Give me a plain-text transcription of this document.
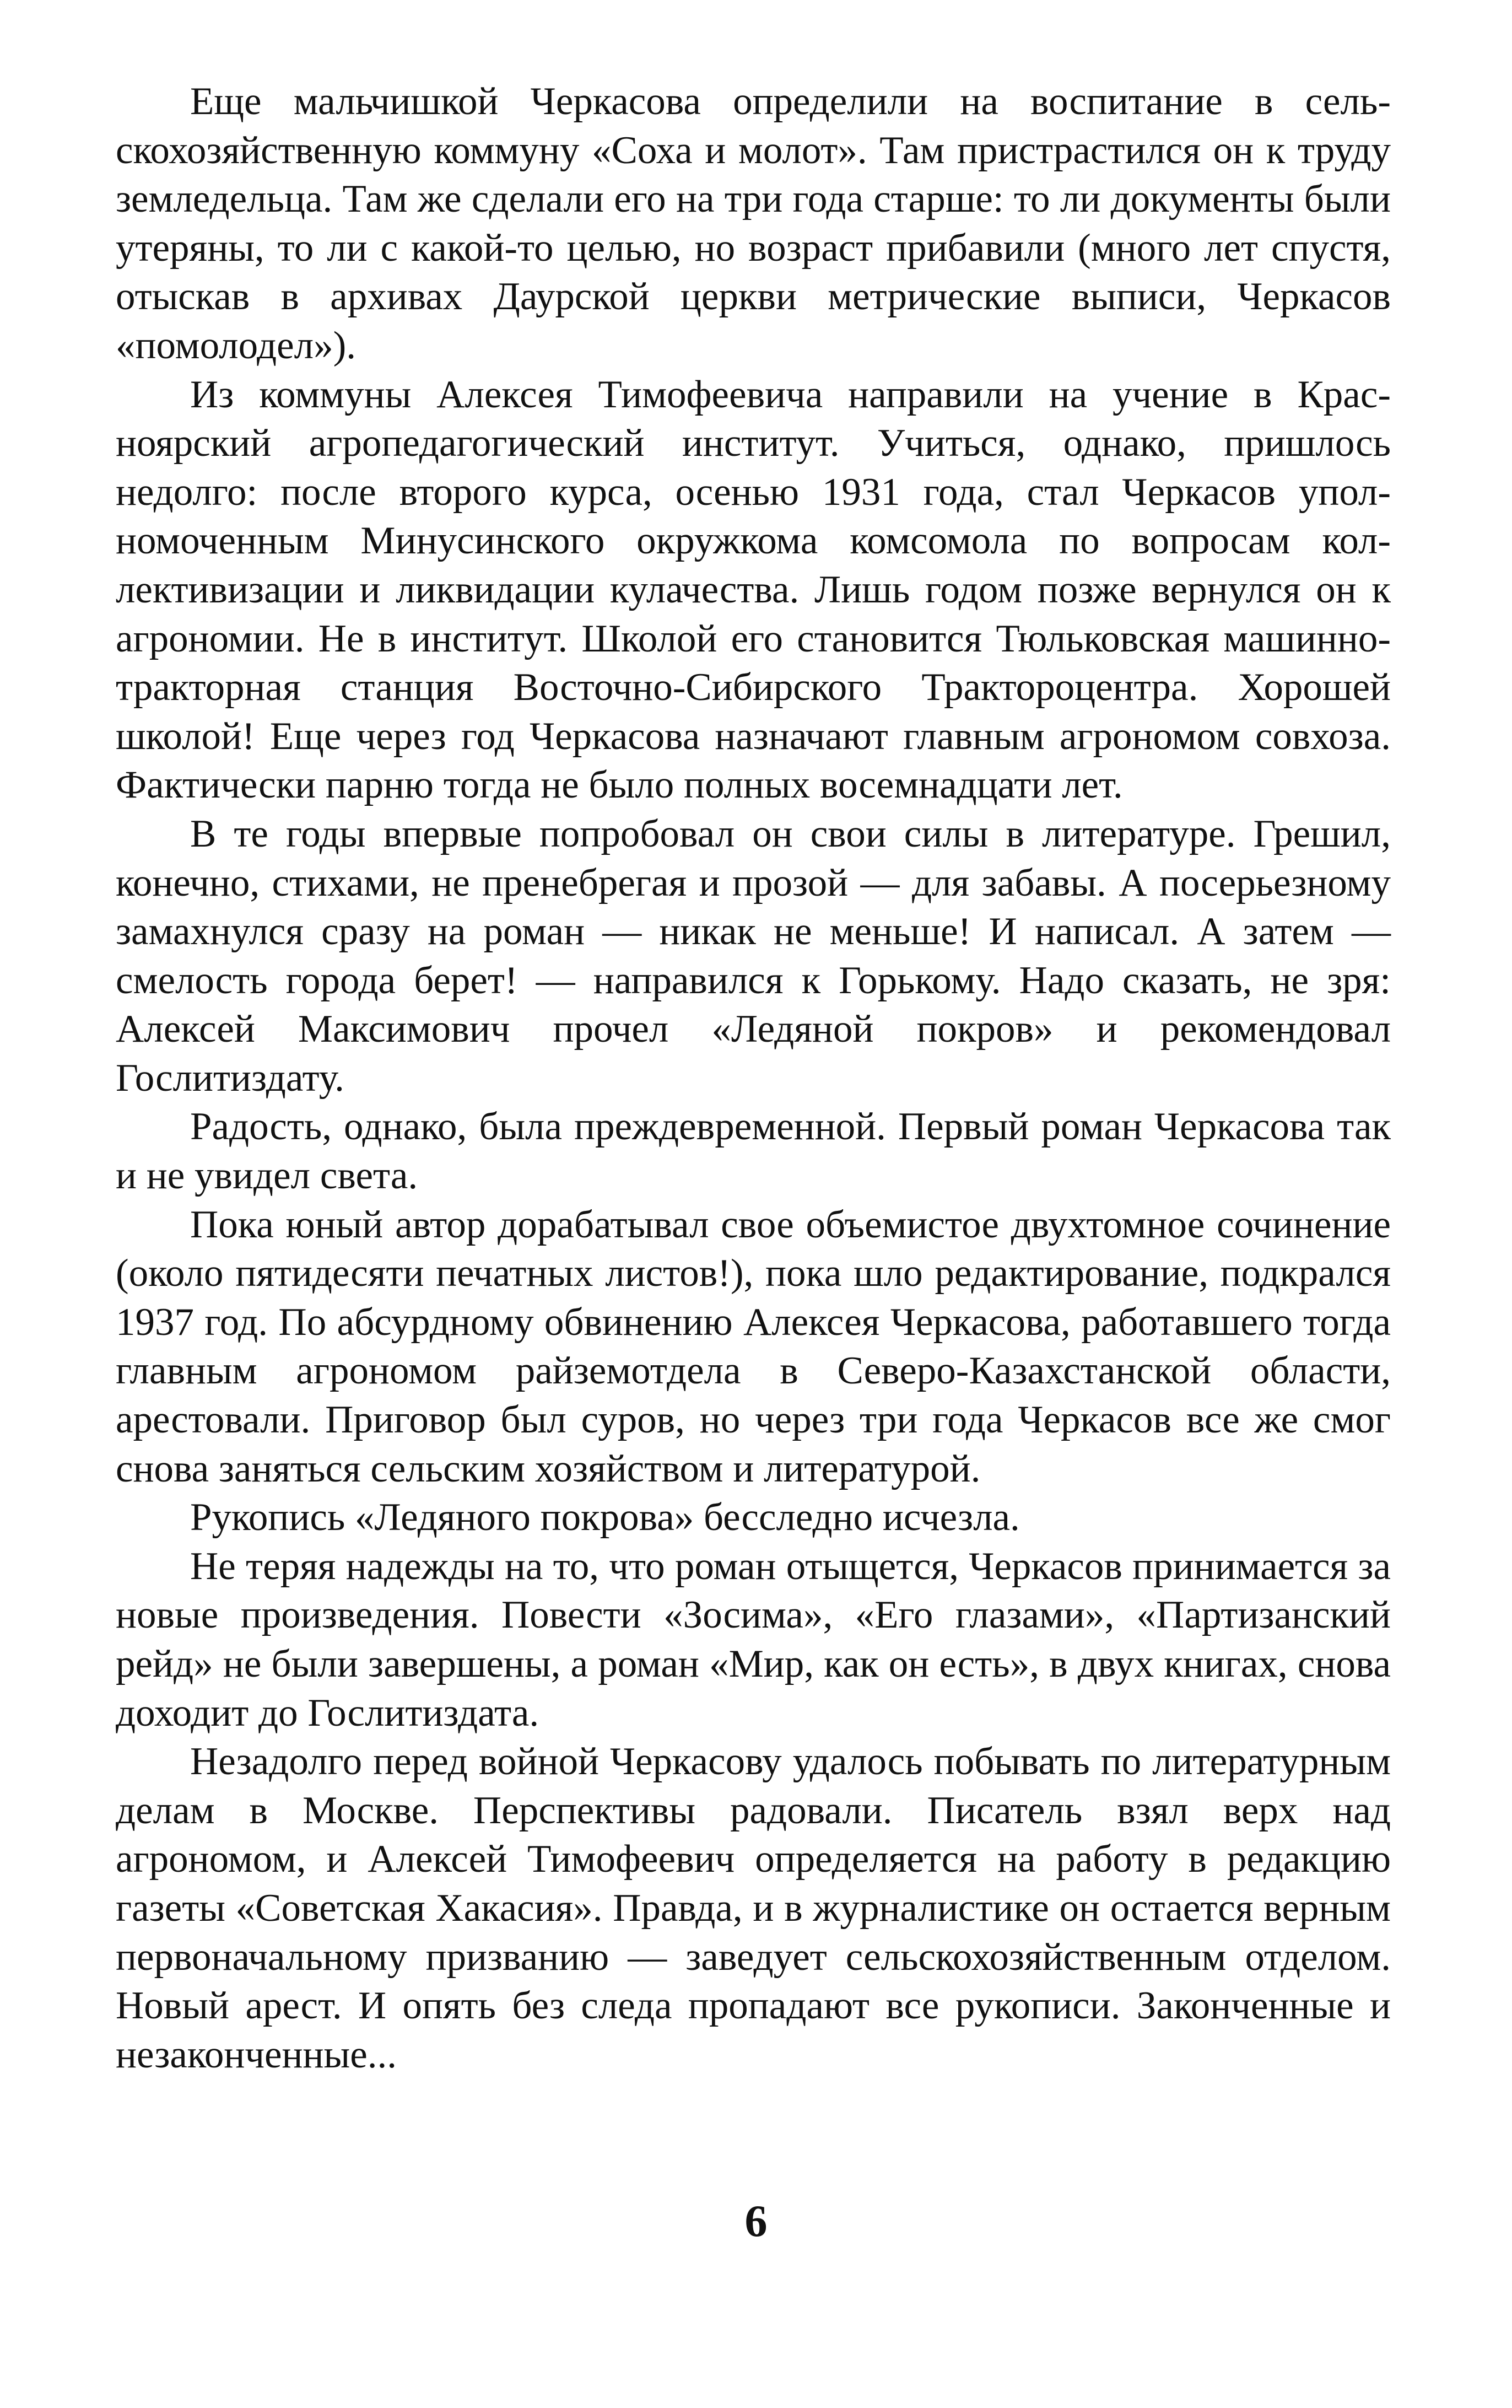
Еще мальчишкой Черкасова определили на воспитание в сельскохозяйственную коммуну «Соха и молот». Там пристрастился он к труду земледельца. Там же сделали его на три года старше: то ли документы были утеряны, то ли с какой-то целью, но возраст прибавили (много лет спустя, отыскав в архивах Даурской церкви метрические выписи, Черкасов «помолодел»).

Из коммуны Алексея Тимофеевича направили на учение в Красноярский агропедагогический институт. Учиться, однако, пришлось недолго: после второго курса, осенью 1931 года, стал Черкасов уполномоченным Минусинского окружкома комсомола по вопросам коллективизации и ликвидации кулачества. Лишь годом позже вернулся он к агрономии. Не в институт. Школой его становится Тюльковская машинно-тракторная станция Восточно-Сибирского Трактороцентра. Хорошей школой! Еще через год Черкасова назначают главным агрономом совхоза. Фактически парню тогда не было полных восемнадцати лет.

В те годы впервые попробовал он свои силы в литературе. Грешил, конечно, стихами, не пренебрегая и прозой — для забавы. А посерьезному замахнулся сразу на роман — никак не меньше! И написал. А затем — смелость города берет! — направился к Горькому. Надо сказать, не зря: Алексей Максимович прочел «Ледяной покров» и рекомендовал Гослитиздату.

Радость, однако, была преждевременной. Первый роман Черкасова так и не увидел света.

Пока юный автор дорабатывал свое объемистое двухтомное сочинение (около пятидесяти печатных листов!), пока шло редактирование, подкрался 1937 год. По абсурдному обвинению Алексея Черкасова, работавшего тогда главным агрономом райземотдела в Северо-Казахстанской области, арестовали. Приговор был суров, но через три года Черкасов все же смог снова заняться сельским хозяйством и литературой.

Рукопись «Ледяного покрова» бесследно исчезла.

Не теряя надежды на то, что роман отыщется, Черкасов принимается за новые произведения. Повести «Зосима», «Его глазами», «Партизанский рейд» не были завершены, а роман «Мир, как он есть», в двух книгах, снова доходит до Гослитиздата.

Незадолго перед войной Черкасову удалось побывать по литературным делам в Москве. Перспективы радовали. Писатель взял верх над агрономом, и Алексей Тимофеевич определяется на работу в редакцию газеты «Советская Хакасия». Правда, и в журналистике он остается верным первоначальному призванию — заведует сельскохозяйственным отделом. Новый арест. И опять без следа пропадают все рукописи. Законченные и незаконченные...

6
